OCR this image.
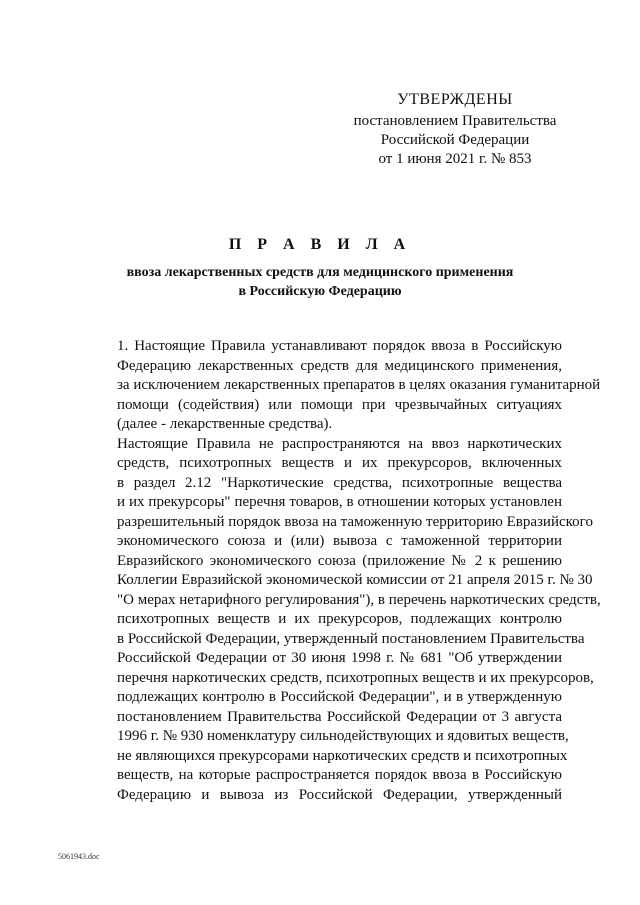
УТВЕРЖДЕНЫ
постановлением Правительства
Российской Федерации
от 1 июня 2021 г. № 853
П Р А В И Л А
ввоза лекарственных средств для медицинского применения
в Российскую Федерацию
1. Настоящие Правила устанавливают порядок ввоза в Российскую
Федерацию лекарственных средств для медицинского применения,
за исключением лекарственных препаратов в целях оказания гуманитарной
помощи (содействия) или помощи при чрезвычайных ситуациях
(далее - лекарственные средства).
Настоящие Правила не распространяются на ввоз наркотических
средств, психотропных веществ и их прекурсоров, включенных
в раздел 2.12 "Наркотические средства, психотропные вещества
и их прекурсоры" перечня товаров, в отношении которых установлен
разрешительный порядок ввоза на таможенную территорию Евразийского
экономического союза и (или) вывоза с таможенной территории
Евразийского экономического союза (приложение № 2 к решению
Коллегии Евразийской экономической комиссии от 21 апреля 2015 г. № 30
"О мерах нетарифного регулирования"), в перечень наркотических средств,
психотропных веществ и их прекурсоров, подлежащих контролю
в Российской Федерации, утвержденный постановлением Правительства
Российской Федерации от 30 июня 1998 г. № 681 "Об утверждении
перечня наркотических средств, психотропных веществ и их прекурсоров,
подлежащих контролю в Российской Федерации", и в утвержденную
постановлением Правительства Российской Федерации от 3 августа
1996 г. № 930 номенклатуру сильнодействующих и ядовитых веществ,
не являющихся прекурсорами наркотических средств и психотропных
веществ, на которые распространяется порядок ввоза в Российскую
Федерацию и вывоза из Российской Федерации, утвержденный
5061943.doc
